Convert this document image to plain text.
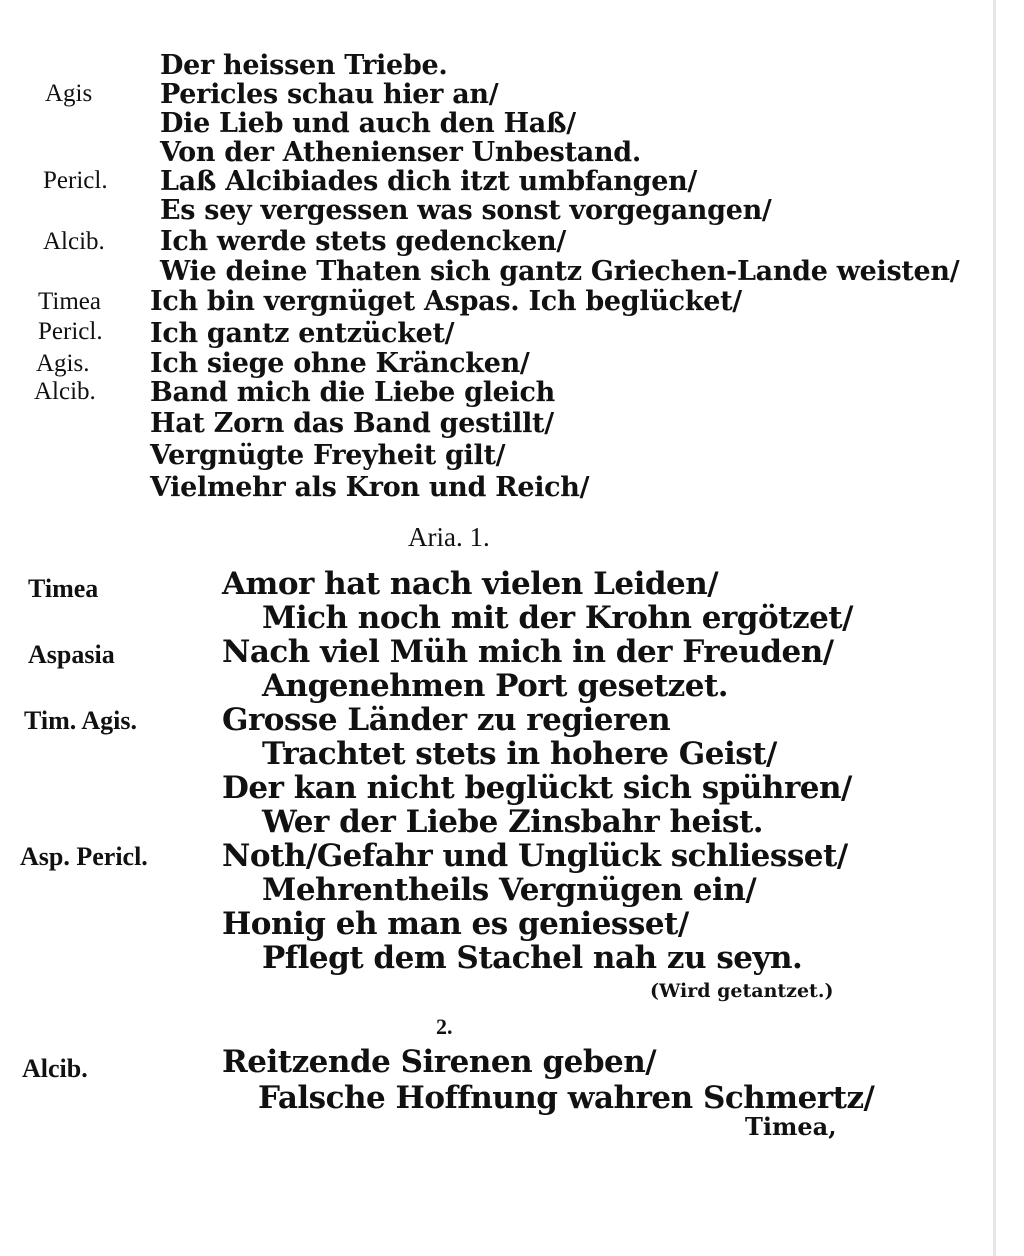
Der heissen Triebe.
Agis	Pericles schau hier an/
Die Lieb und auch den Haß/
Von der Athenienser Unbestand.
Pericl. Laß Alcibiades dich itzt umbfangen/
Es sey vergessen was sonst vorgegangen/
Alcib. Ich werde stets gedencken/
Wie deine Thaten sich gantz Griechen-Lande weisten/
Timea Ich bin vergnüget Aspas. Ich beglücket/
Pericl. Ich gantz entzücket/
Agis. Ich siege ohne Kräncken/
Alcib. Band mich die Liebe gleich
Hat Zorn das Band gestillt/
Vergnügte Freyheit gilt/
Vielmehr als Kron und Reich/
Aria. 1.
Timea	Amor hat nach vielen Leiden/
Mich noch mit der Krohn ergötzet/
Aspasia	Nach viel Müh mich in der Freuden/
Angenehmen Port gesetzet.
Tim. Agis.	Grosse Länder zu regieren
Trachtet stets in hohere Geist/
Der kan nicht beglückt sich spühren/
Wer der Liebe Zinsbahr heist.
Asp. Pericl. Noth/Gefahr und Unglück schliesset/
Mehrentheils Vergnügen ein/
Honig eh man es geniesset/
Pflegt dem Stachel nah zu seyn.
(Wird getantzet.)
2.
Alcib.	Reitzende Sirenen geben/
Falsche Hoffnung wahren Schmertz/
Timea,
